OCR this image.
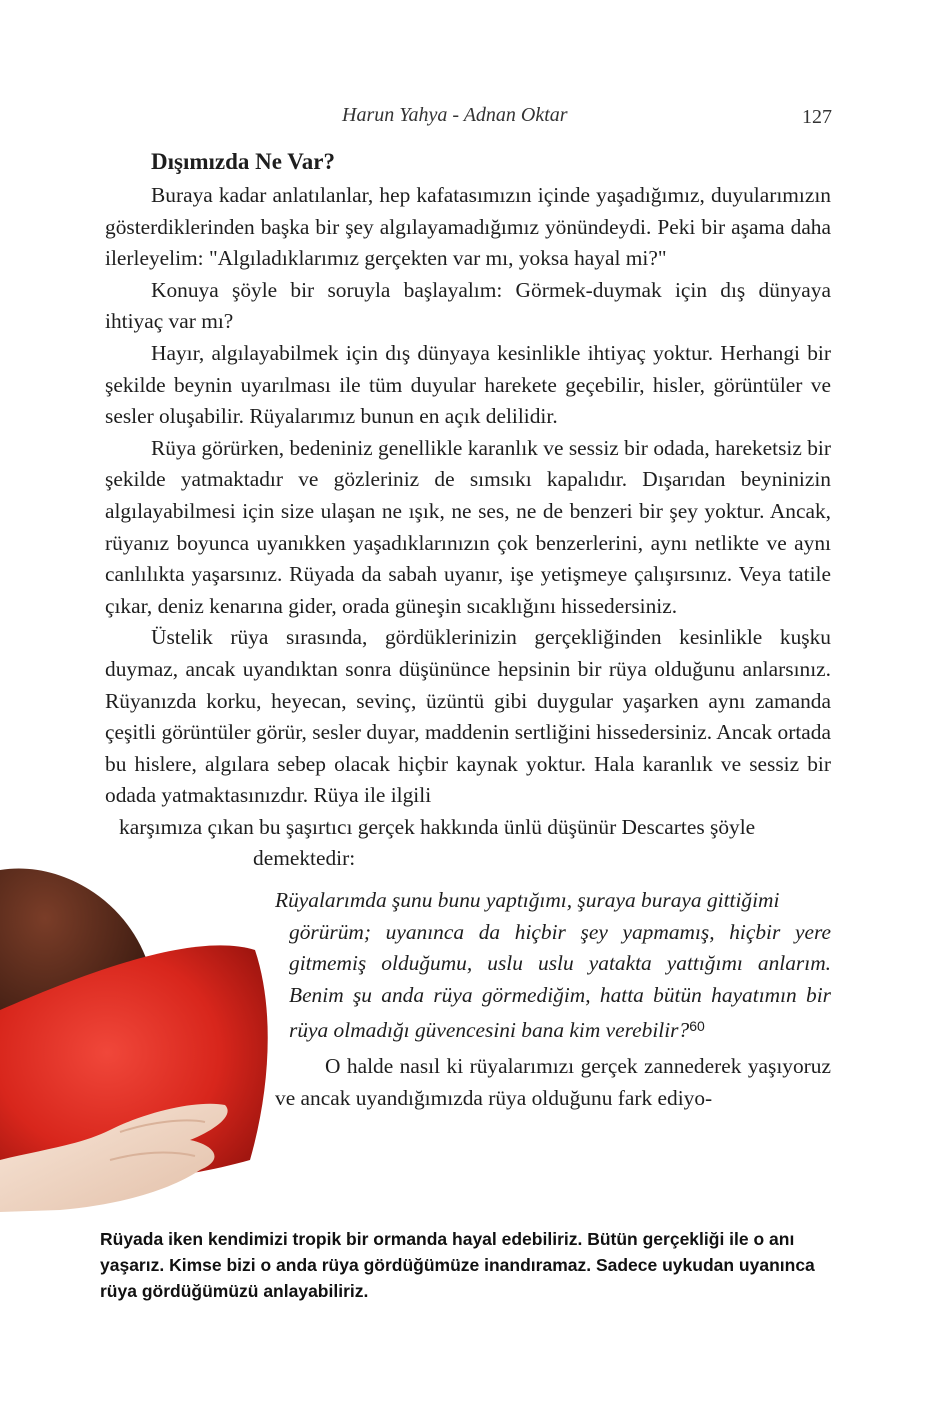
Harun Yahya - Adnan Oktar	127
Dışımızda Ne Var?

Buraya kadar anlatılanlar, hep kafatasımızın içinde yaşadığımız, duyularımızın gösterdiklerinden başka bir şey algılayamadığımız yönündeydi. Peki bir aşama daha ilerleyelim: "Algıladıklarımız gerçekten var mı, yoksa hayal mi?"

Konuya şöyle bir soruyla başlayalım: Görmek-duymak için dış dünyaya ihtiyaç var mı?

Hayır, algılayabilmek için dış dünyaya kesinlikle ihtiyaç yoktur. Herhangi bir şekilde beynin uyarılması ile tüm duyular harekete geçebilir, hisler, görüntüler ve sesler oluşabilir. Rüyalarımız bunun en açık delilidir.

Rüya görürken, bedeniniz genellikle karanlık ve sessiz bir odada, hareketsiz bir şekilde yatmaktadır ve gözleriniz de sımsıkı kapalıdır. Dışarıdan beyninizin algılayabilmesi için size ulaşan ne ışık, ne ses, ne de benzeri bir şey yoktur. Ancak, rüyanız boyunca uyanıkken yaşadıklarınızın çok benzerlerini, aynı netlikte ve aynı canlılıkta yaşarsınız. Rüyada da sabah uyanır, işe yetişmeye çalışırsınız. Veya tatile çıkar, deniz kenarına gider, orada güneşin sıcaklığını hissedersiniz.

Üstelik rüya sırasında, gördüklerinizin gerçekliğinden kesinlikle kuşku duymaz, ancak uyandıktan sonra düşününce hepsinin bir rüya olduğunu anlarsınız. Rüyanızda korku, heyecan, sevinç, üzüntü gibi duygular yaşarken aynı zamanda çeşitli görüntüler görür, sesler duyar, maddenin sertliğini hissedersiniz. Ancak ortada bu hislere, algılara sebep olacak hiçbir kaynak yoktur. Hala karanlık ve sessiz bir odada yatmaktasınızdır. Rüya ile ilgili

karşımıza çıkan bu şaşırtıcı gerçek hakkında ünlü düşünür Descartes şöyle

demektedir:

Rüyalarımda şunu bunu yaptığımı, şuraya buraya gittiğimi
görürüm; uyanınca da hiçbir şey yapmamış, hiçbir yere gitmemiş olduğumu, uslu uslu yatakta yattığımı anlarım. Benim şu anda rüya görmediğim, hatta bütün hayatımın bir rüya olmadığı güvencesini bana kim verebilir?$^{60}$

O halde nasıl ki rüyalarımızı gerçek zannederek yaşıyoruz ve ancak uyandığımızda rüya olduğunu fark ediyo-

Rüyada iken kendimizi tropik bir ormanda hayal edebiliriz. Bütün gerçekliği ile o anı yaşarız. Kimse bizi o anda rüya gördüğümüze inandıramaz. Sadece uykudan uyanınca rüya gördüğümüzü anlayabiliriz.
